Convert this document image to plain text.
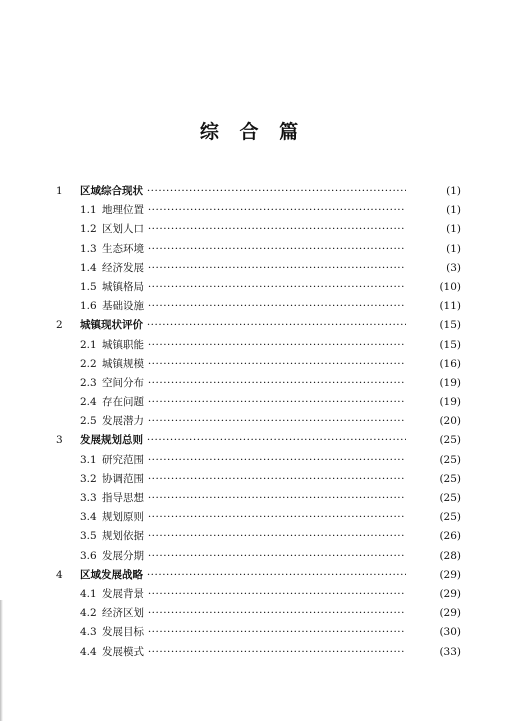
综 合 篇
1 区域综合现状 ·····	(1)
1.1 地理位置 ·····	(1)
1.2 区划人口 ·····	(1)
1.3 生态环境 ·····	(1)
1.4 经济发展 ·····	(3)
1.5 城镇格局 ·····	(10)
1.6 基础设施 ·····	(11)
2 城镇现状评价 ·····	(15)
2.1 城镇职能 ·····	(15)
2.2 城镇规模 ·····	(16)
2.3 空间分布 ·····	(19)
2.4 存在问题 ·····	(19)
2.5 发展潜力 ·····	(20)
3 发展规划总则 ·····	(25)
3.1 研究范围 ·····	(25)
3.2 协调范围 ·····	(25)
3.3 指导思想 ·····	(25)
3.4 规划原则 ·····	(25)
3.5 规划依据 ·····	(26)
3.6 发展分期 ·····	(28)
4 区域发展战略 ·····	(29)
4.1 发展背景 ·····	(29)
4.2 经济区划 ·····	(29)
4.3 发展目标 ·····	(30)
4.4 发展模式 ·····	(33)
